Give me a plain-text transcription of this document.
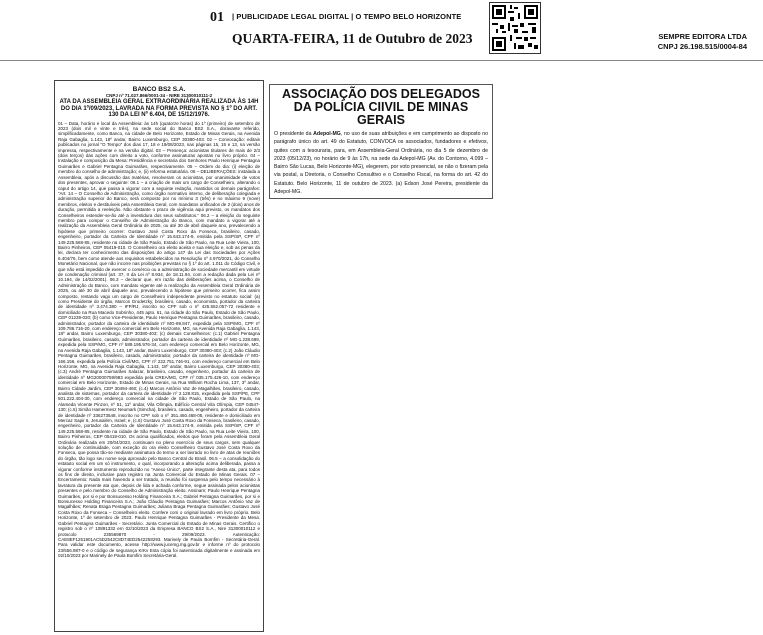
01 | PUBLICIDADE LEGAL DIGITAL | O TEMPO BELO HORIZONTE
QUARTA-FEIRA, 11 de Outubro de 2023	SEMPRE EDITORA LTDA
CNPJ 26.198.515/0004-84
BANCO BS2 S.A.
CNPJ nº 71.027.866/0001-34 - NIRE 31300010111-2
ATA DA ASSEMBLEIA GERAL EXTRAORDINÁRIA REALIZADA ÀS 14H DO DIA 1º/09/2023, LAVRADA NA FORMA PREVISTA NO § 1º DO ART. 130 DA LEI Nº 6.404, DE 15/12/1976.
01 – Data, horário e local da Assembleia: às 14h (quatorze horas) do 1º (primeiro) de setembro de 2023 (dois mil e vinte e três), na sede social do Banco BS2 S.A., doravante referido, simplificadamente, como Banco, na cidade de Belo Horizonte, Estado de Minas Gerais, na Avenida Raja Gabaglia, 1.143, 18º andar, Bairro Luxemburgo, CEP 30380-403. 02 – Convocação: editais publicados no jornal “O Tempo” dos dias 17, 18 e 19/08/2023, nas páginas 15, 15 e 13, na versão impressa, respectivamente e na versão digital. 03 – Presença: acionistas titulares de mais de 2/3 (dois terços) das ações com direito a voto, conforme assinaturas apostas no livro próprio. 04 – Instalação e composição da Mesa: Presidência e secretaria dos Senhores Paulo Henrique Pentagna Guimarães e Gabriel Pentagna Guimarães, respectivamente. 05 – Ordem do dia: (i) eleição de membro do conselho de administração; e, (ii) reforma estatutária. 06 – DELIBERAÇÕES: instalada a Assembleia, após a discussão das matérias, resolveram os acionistas, por unanimidade de votos dos presentes, aprovar o seguinte: 06.1 – a criação de mais um cargo de Conselheiro, alterando o caput do artigo 14, que passa a vigorar com a seguinte redação, mantidos os demais parágrafos: “Art. 14 – O Conselho de Administração, como órgão normativo interno, de deliberação colegiada e administração superior do Banco, será composto por no mínimo 3 (três) e no máximo 9 (nove) membros, eleitos e destituíveis pela Assembleia Geral, com mandatos unificados de 2 (dois) anos de duração, permitida a reeleição. Não obstante o prazo de vigência aqui previsto, os mandatos dos Conselheiros estender-se-ão até a investidura dos seus substitutos.” 06.2 – a eleição do seguinte membro para compor o Conselho de Administração do Banco, com mandato a vigorar até a realização da Assembleia Geral Ordinária de 2025, ou até 30 de abril daquele ano, prevalecendo a hipótese que primeiro ocorrer: Gustavo José Costa Roxo da Fonseca, brasileiro, casado, engenheiro, portador da Carteira de Identidade nº 15.643.174-9, emitida pela SSP/SP, CPF nº 149.225.568-85, residente na cidade de São Paulo, Estado de São Paulo, na Rua Leite Vieira, 100, Bairro Pinheiros, CEP 05419-010. O Conselheiro ora eleito aceita e sua eleição e, sob as penas da lei, declara ter conhecimento das disposições do artigo 147 da Lei das Sociedades por Ações 6.404/76, bem como atende aos requisitos estabelecidos na Resolução nº 4.970/2021, do Conselho Monetário Nacional, que não incorre nas proibições previstas no § 1º do art. 1.011 do Código Civil, e que não está impedido de exercer o comércio ou a administração de sociedade mercantil em virtude de condenação criminal (art. 37, II da Lei nº 8.934, de 18.11.94, com a redação dada pela Lei nº 10.194, de 14/02/2001). 06.3 – declarar que, em razão das deliberações acima, o Conselho de Administração do Banco, com mandato vigente até a realização da Assembleia Geral Ordinária de 2025, ou até 30 de abril daquele ano, prevalecendo a hipótese que primeiro ocorrer, fica assim composto, restando vago um cargo de Conselheiro independente previsto no estatuto social: (a) como Presidente do órgão, Marcos Grodetzky, brasileiro, casado, economista, portador da carteira de identidade nº 3.474.380 – IFP/RJ, inscrito no CPF sob o nº 425.552.057-72 residente e domiciliado na Rua Macedo Sobrinho, 445 apto. 61, na cidade do São Paulo, Estado de São Paulo, CEP 01239-020; (b) como Vice-Presidente, Paulo Henrique Pentagna Guimarães, brasileiro, casado, administrador, portador da carteira de identidade nº MG-89.847, expedida pela SSP/MG, CPF nº 109.786.716-20, com endereço comercial em Belo Horizonte, MG, na Avenida Raja Gabaglia, 1.143, 18º andar, Bairro Luxemburgo, CEP 30380-403; (c) demais Conselheiros: (c.1) Gabriel Pentagna Guimarães, brasileiro, casado, administrador, portador da carteira de identidade nº MG-1.238.699, expedida pela SSP/MG, CPF nº 589.195.976-34, com endereço comercial em Belo Horizonte, MG, na Avenida Raja Gabaglia, 1.143, 18º andar, Bairro Luxemburgo, CEP 30380-403; (c.2) João Cláudio Pentagna Guimarães, brasileiro, casado, administrador, portador da carteira de identidade nº MG-166.156, expedida pela Polícia Civil/MG, CPF nº 222.751.746-91, com endereço comercial em Belo Horizonte, MG, na Avenida Raja Gabaglia, 1.143, 18º andar, Bairro Luxemburgo, CEP 30380-403; (c.3) André Pentagna Guimarães Salazar, brasileiro, casado, engenheiro, portador da carteira de identidade nº MG20000759/983 expedida pela CREA/MG, CPF nº 035.175.426-10, com endereço comercial em Belo Horizonte, Estado de Minas Gerais, na Rua William Rocha Lima, 137, 3º andar, Bairro Cidade Jardim, CEP 30494-460; (c.4) Marcos Antônio Vaz de Magalhães, brasileiro, casado, analista de sistemas, portador da carteira de identidade nº 2.128.815, expedida pela SSP/PE, CPF 501.222.404-30, com endereço comercial na cidade de São Paulo, Estado de São Paulo, na Alameda Vicente Pinzon, nº 51, 11º andar, Vila Olímpia, Edifício Central Vila Olímpia, CEP 04547-130; (c.5) Simão Hamermesz Neumark (Simcha), brasileiro, casado, engenheiro, portador da carteira de identidade nº 336273548, inscrito no CPF sob o nº 351.460.468-05, residente e domiciliado em Mercaz Sapir 6, Jerusalém, Israel; e, (c.6) Gustavo José Costa Roxo da Fonseca, brasileiro, casado, engenheiro, portador da Carteira de Identidade nº 15.643.174-9, emitida pela SSP/SP, CPF nº 149.225.568-85, residente na cidade de São Paulo, Estado de São Paulo, na Rua Leite Vieira, 100, Bairro Pinheiros, CEP 05419-010. Os acima qualificados, eleitos que foram pela Assembleia Geral Ordinária realizada em 20/04/2023, continuam no pleno exercício de seus cargos, sem qualquer solução de continuidade, com exceção do ora eleito Conselheiro Gustavo José Costa Roxo da Fonseca, que possa tão-se mediante assinatura do termo a ser lavrado no livro de atas de reuniões do órgão, tão logo seu nome seja aprovado pelo Banco Central do Brasil. 06.5 – a consolidação do estatuto social em um só instrumento, o qual, incorporando a alteração acima deliberada, passa a vigorar conforme instrumento reproduzido no “Anexo Único”, parte integrante desta ata, para todos os fins de direito, inclusive para registro na Junta Comercial do Estado de Minas Gerais. 07 – Encerramento: Nada mais havendo a ser tratado, a reunião foi suspensa pelo tempo necessário à lavratura da presente ata que, depois de lida e achada conforme, segue assinada pelos acionistas presentes e pelo membro do Conselho de Administração eleito. Assinam: Paulo Henrique Pentagna Guimarães, por si e por Bonsucesso Holding Financeira S.A.; Gabriel Pentagna Guimarães, por si e Bonsucesso Holding Financeira S.A.; João Cláudio Pentagna Guimarães; Marcos Antônio Vaz de Magalhães; Renata Braga Pentagna Guimarães; Juliana Braga Pentagna Guimarães; Gustavo José Costa Roxo da Fonseca – Conselheiro eleito. Confere com o original lavrado em livro próprio. Belo Horizonte, 1º de setembro de 2023. Paulo Henrique Pentagna Guimarães - Presidente da Mesa. Gabriel Pentagna Guimarães - Secretário. Junta Comercial do Estado de Minas Gerais. Certifico o registro sob o nº 10891332 em 02/10/2023 da Empresa BANCO BS2 S.A., Nire 31300010112 e protocolo 235569870 - 29/09/2023. Autenticação: CAE8EF1251901AC5D2542C8D74ED2542258293. Marinely de Paula Bomfim - Secretária-Geral. Para validar este documento, acesse http://www.jucemg.mg.gov.br e informe nº do protocolo 23/556.987-0 e o código de segurança KrKv Esta cópia foi autenticada digitalmente e assinada em 02/10/2023 por Marinely de Paula Bomfim Secretária-Geral.
ASSOCIAÇÃO DOS DELEGADOS DA POLÍCIA CIIVIL DE MINAS GERAIS
O presidente da Adepol-MG, no uso de suas atribuições e em cumprimento ao disposto no parágrafo único do art. 49 do Estatuto, CONVOCA os associados, fundadores e efetivos, quites com a tesouraria, para, em Assembleia-Geral Ordinária, no dia 5 de dezembro de 2023 (05/12/23), no horário de 9 às 17h, na sede da Adepol-MG (Av. do Contorno, 4.099 – Bairro São Lucas, Belo Horizonte-MG), elegerem, por voto presencial, se não o fizeram pela via postal, a Diretoria, o Conselho Consultivo e o Conselho Fiscal, na forma do art. 42 do Estatuto. Belo Horizonte, 11 de outubro de 2023. (a) Edson José Pereira, presidente da Adepol-MG.
